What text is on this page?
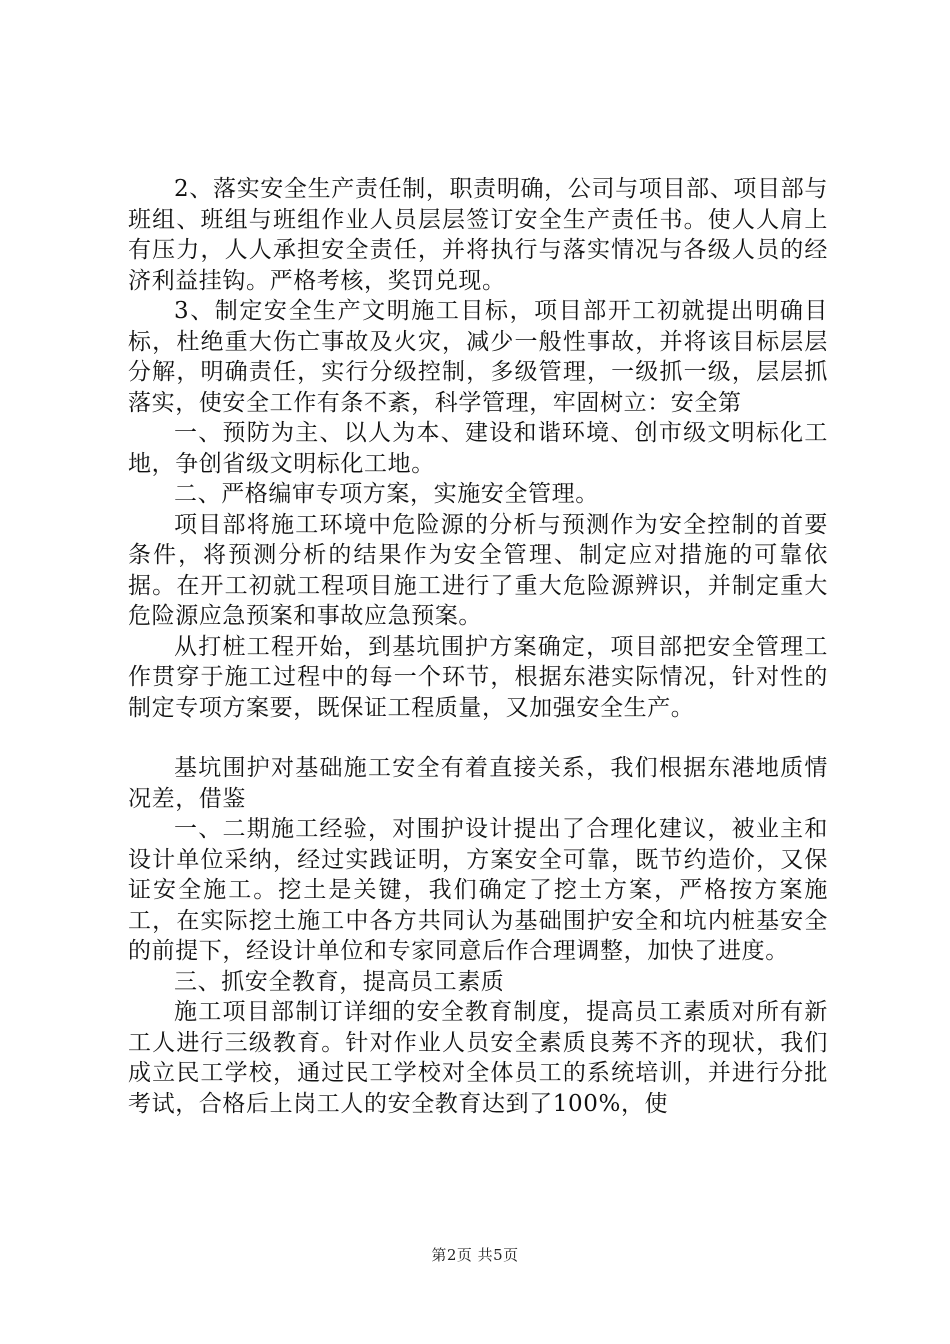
2、落实安全生产责任制，职责明确，公司与项目部、项目部与班组、班组与班组作业人员层层签订安全生产责任书。使人人肩上有压力，人人承担安全责任，并将执行与落实情况与各级人员的经济利益挂钩。严格考核，奖罚兑现。

3、制定安全生产文明施工目标，项目部开工初就提出明确目标，杜绝重大伤亡事故及火灾，减少一般性事故，并将该目标层层分解，明确责任，实行分级控制，多级管理，一级抓一级，层层抓落实，使安全工作有条不紊，科学管理，牢固树立：安全第

一、预防为主、以人为本、建设和谐环境、创市级文明标化工地，争创省级文明标化工地。

二、严格编审专项方案，实施安全管理。

项目部将施工环境中危险源的分析与预测作为安全控制的首要条件，将预测分析的结果作为安全管理、制定应对措施的可靠依据。在开工初就工程项目施工进行了重大危险源辨识，并制定重大危险源应急预案和事故应急预案。

从打桩工程开始，到基坑围护方案确定，项目部把安全管理工作贯穿于施工过程中的每一个环节，根据东港实际情况，针对性的制定专项方案要，既保证工程质量，又加强安全生产。

基坑围护对基础施工安全有着直接关系，我们根据东港地质情况差，借鉴

一、二期施工经验，对围护设计提出了合理化建议，被业主和设计单位采纳，经过实践证明，方案安全可靠，既节约造价，又保证安全施工。挖土是关键，我们确定了挖土方案，严格按方案施工，在实际挖土施工中各方共同认为基础围护安全和坑内桩基安全的前提下，经设计单位和专家同意后作合理调整，加快了进度。

三、抓安全教育，提高员工素质

施工项目部制订详细的安全教育制度，提高员工素质对所有新工人进行三级教育。针对作业人员安全素质良莠不齐的现状，我们成立民工学校，通过民工学校对全体员工的系统培训，并进行分批考试，合格后上岗工人的安全教育达到了100%，使

第2页 共5页
